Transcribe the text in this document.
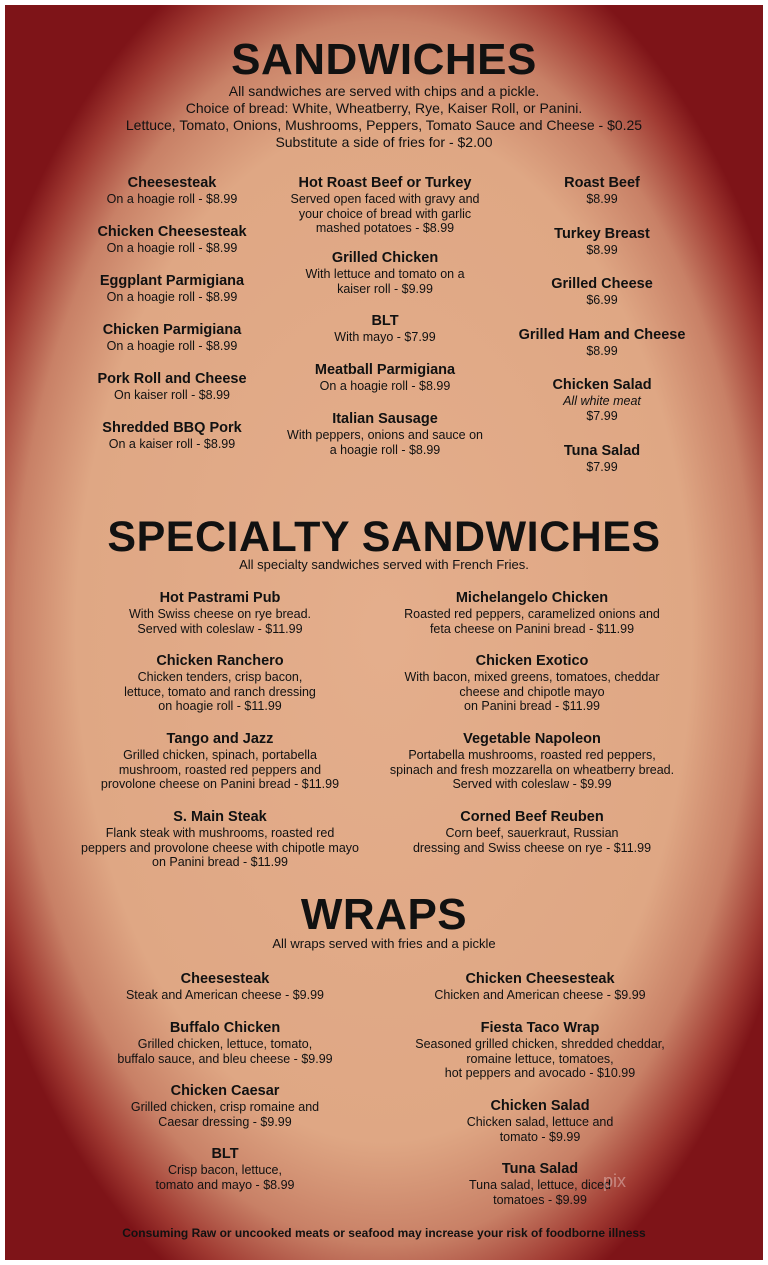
SANDWICHES
All sandwiches are served with chips and a pickle.
Choice of bread: White, Wheatberry, Rye, Kaiser Roll, or Panini.
Lettuce, Tomato, Onions, Mushrooms, Peppers, Tomato Sauce and Cheese - $0.25
Substitute a side of fries for - $2.00
Cheesesteak
On a hoagie roll - $8.99
Chicken Cheesesteak
On a hoagie roll - $8.99
Eggplant Parmigiana
On a hoagie roll - $8.99
Chicken Parmigiana
On a hoagie roll - $8.99
Pork Roll and Cheese
On kaiser roll - $8.99
Shredded BBQ Pork
On a kaiser roll - $8.99
Hot Roast Beef or Turkey
Served open faced with gravy and
your choice of bread with garlic
mashed potatoes - $8.99
Grilled Chicken
With lettuce and tomato on a
kaiser roll - $9.99
BLT
With mayo - $7.99
Meatball Parmigiana
On a hoagie roll - $8.99
Italian Sausage
With peppers, onions and sauce on
a hoagie roll - $8.99
Roast Beef
$8.99
Turkey Breast
$8.99
Grilled Cheese
$6.99
Grilled Ham and Cheese
$8.99
Chicken Salad
All white meat
$7.99
Tuna Salad
$7.99
SPECIALTY SANDWICHES
All specialty sandwiches served with French Fries.
Hot Pastrami Pub
With Swiss cheese on rye bread.
Served with coleslaw - $11.99
Chicken Ranchero
Chicken tenders, crisp bacon,
lettuce, tomato and ranch dressing
on hoagie roll - $11.99
Tango and Jazz
Grilled chicken, spinach, portabella
mushroom, roasted red peppers and
provolone cheese on Panini bread - $11.99
S. Main Steak
Flank steak with mushrooms, roasted red
peppers and provolone cheese with chipotle mayo
on Panini bread - $11.99
Michelangelo Chicken
Roasted red peppers, caramelized onions and
feta cheese on Panini bread - $11.99
Chicken Exotico
With bacon, mixed greens, tomatoes, cheddar
cheese and chipotle mayo
on Panini bread - $11.99
Vegetable Napoleon
Portabella mushrooms, roasted red peppers,
spinach and fresh mozzarella on wheatberry bread.
Served with coleslaw - $9.99
Corned Beef Reuben
Corn beef, sauerkraut, Russian
dressing and Swiss cheese on rye - $11.99
WRAPS
All wraps served with fries and a pickle
Cheesesteak
Steak and American cheese - $9.99
Buffalo Chicken
Grilled chicken, lettuce, tomato,
buffalo sauce, and bleu cheese - $9.99
Chicken Caesar
Grilled chicken, crisp romaine and
Caesar dressing - $9.99
BLT
Crisp bacon, lettuce,
tomato and mayo - $8.99
Chicken Cheesesteak
Chicken and American cheese - $9.99
Fiesta Taco Wrap
Seasoned grilled chicken, shredded cheddar,
romaine lettuce, tomatoes,
hot peppers and avocado - $10.99
Chicken Salad
Chicken salad, lettuce and
tomato - $9.99
Tuna Salad
Tuna salad, lettuce, diced
tomatoes - $9.99
pix
Consuming Raw or uncooked meats or seafood may increase your risk of foodborne illness
